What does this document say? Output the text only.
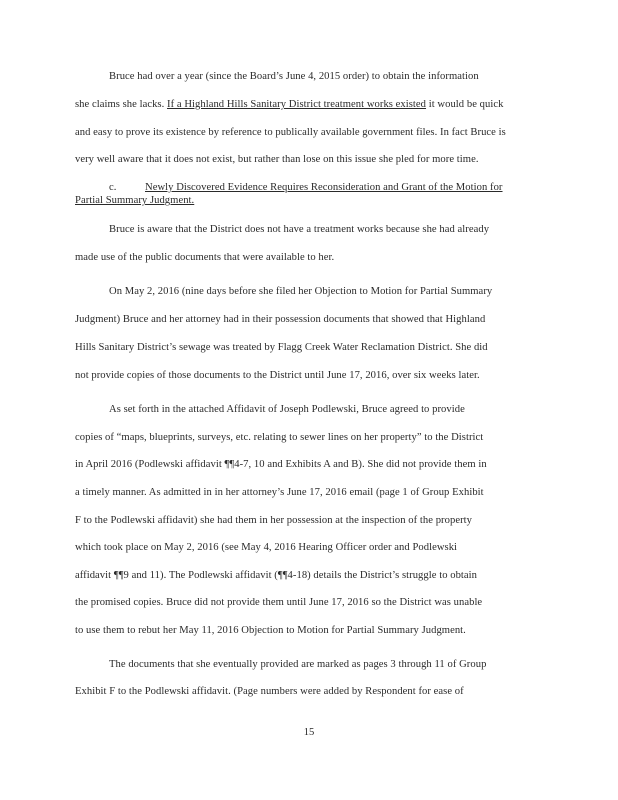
Bruce had over a year (since the Board’s June 4, 2015 order) to obtain the information
she claims she lacks. If a Highland Hills Sanitary District treatment works existed it would be quick
and easy to prove its existence by reference to publically available government files. In fact Bruce is
very well aware that it does not exist, but rather than lose on this issue she pled for more time.
c.	Newly Discovered Evidence Requires Reconsideration and Grant of the Motion for
Partial Summary Judgment.
Bruce is aware that the District does not have a treatment works because she had already
made use of the public documents that were available to her.
On May 2, 2016 (nine days before she filed her Objection to Motion for Partial Summary
Judgment) Bruce and her attorney had in their possession documents that showed that Highland
Hills Sanitary District’s sewage was treated by Flagg Creek Water Reclamation District. She did
not provide copies of those documents to the District until June 17, 2016, over six weeks later.
As set forth in the attached Affidavit of Joseph Podlewski, Bruce agreed to provide
copies of “maps, blueprints, surveys, etc. relating to sewer lines on her property” to the District
in April 2016 (Podlewski affidavit ¶¶4-7, 10 and Exhibits A and B). She did not provide them in
a timely manner. As admitted in in her attorney’s June 17, 2016 email (page 1 of Group Exhibit
F to the Podlewski affidavit) she had them in her possession at the inspection of the property
which took place on May 2, 2016 (see May 4, 2016 Hearing Officer order and Podlewski
affidavit ¶¶9 and 11). The Podlewski affidavit (¶¶4-18) details the District’s struggle to obtain
the promised copies. Bruce did not provide them until June 17, 2016 so the District was unable
to use them to rebut her May 11, 2016 Objection to Motion for Partial Summary Judgment.
The documents that she eventually provided are marked as pages 3 through 11 of Group
Exhibit F to the Podlewski affidavit. (Page numbers were added by Respondent for ease of
15
